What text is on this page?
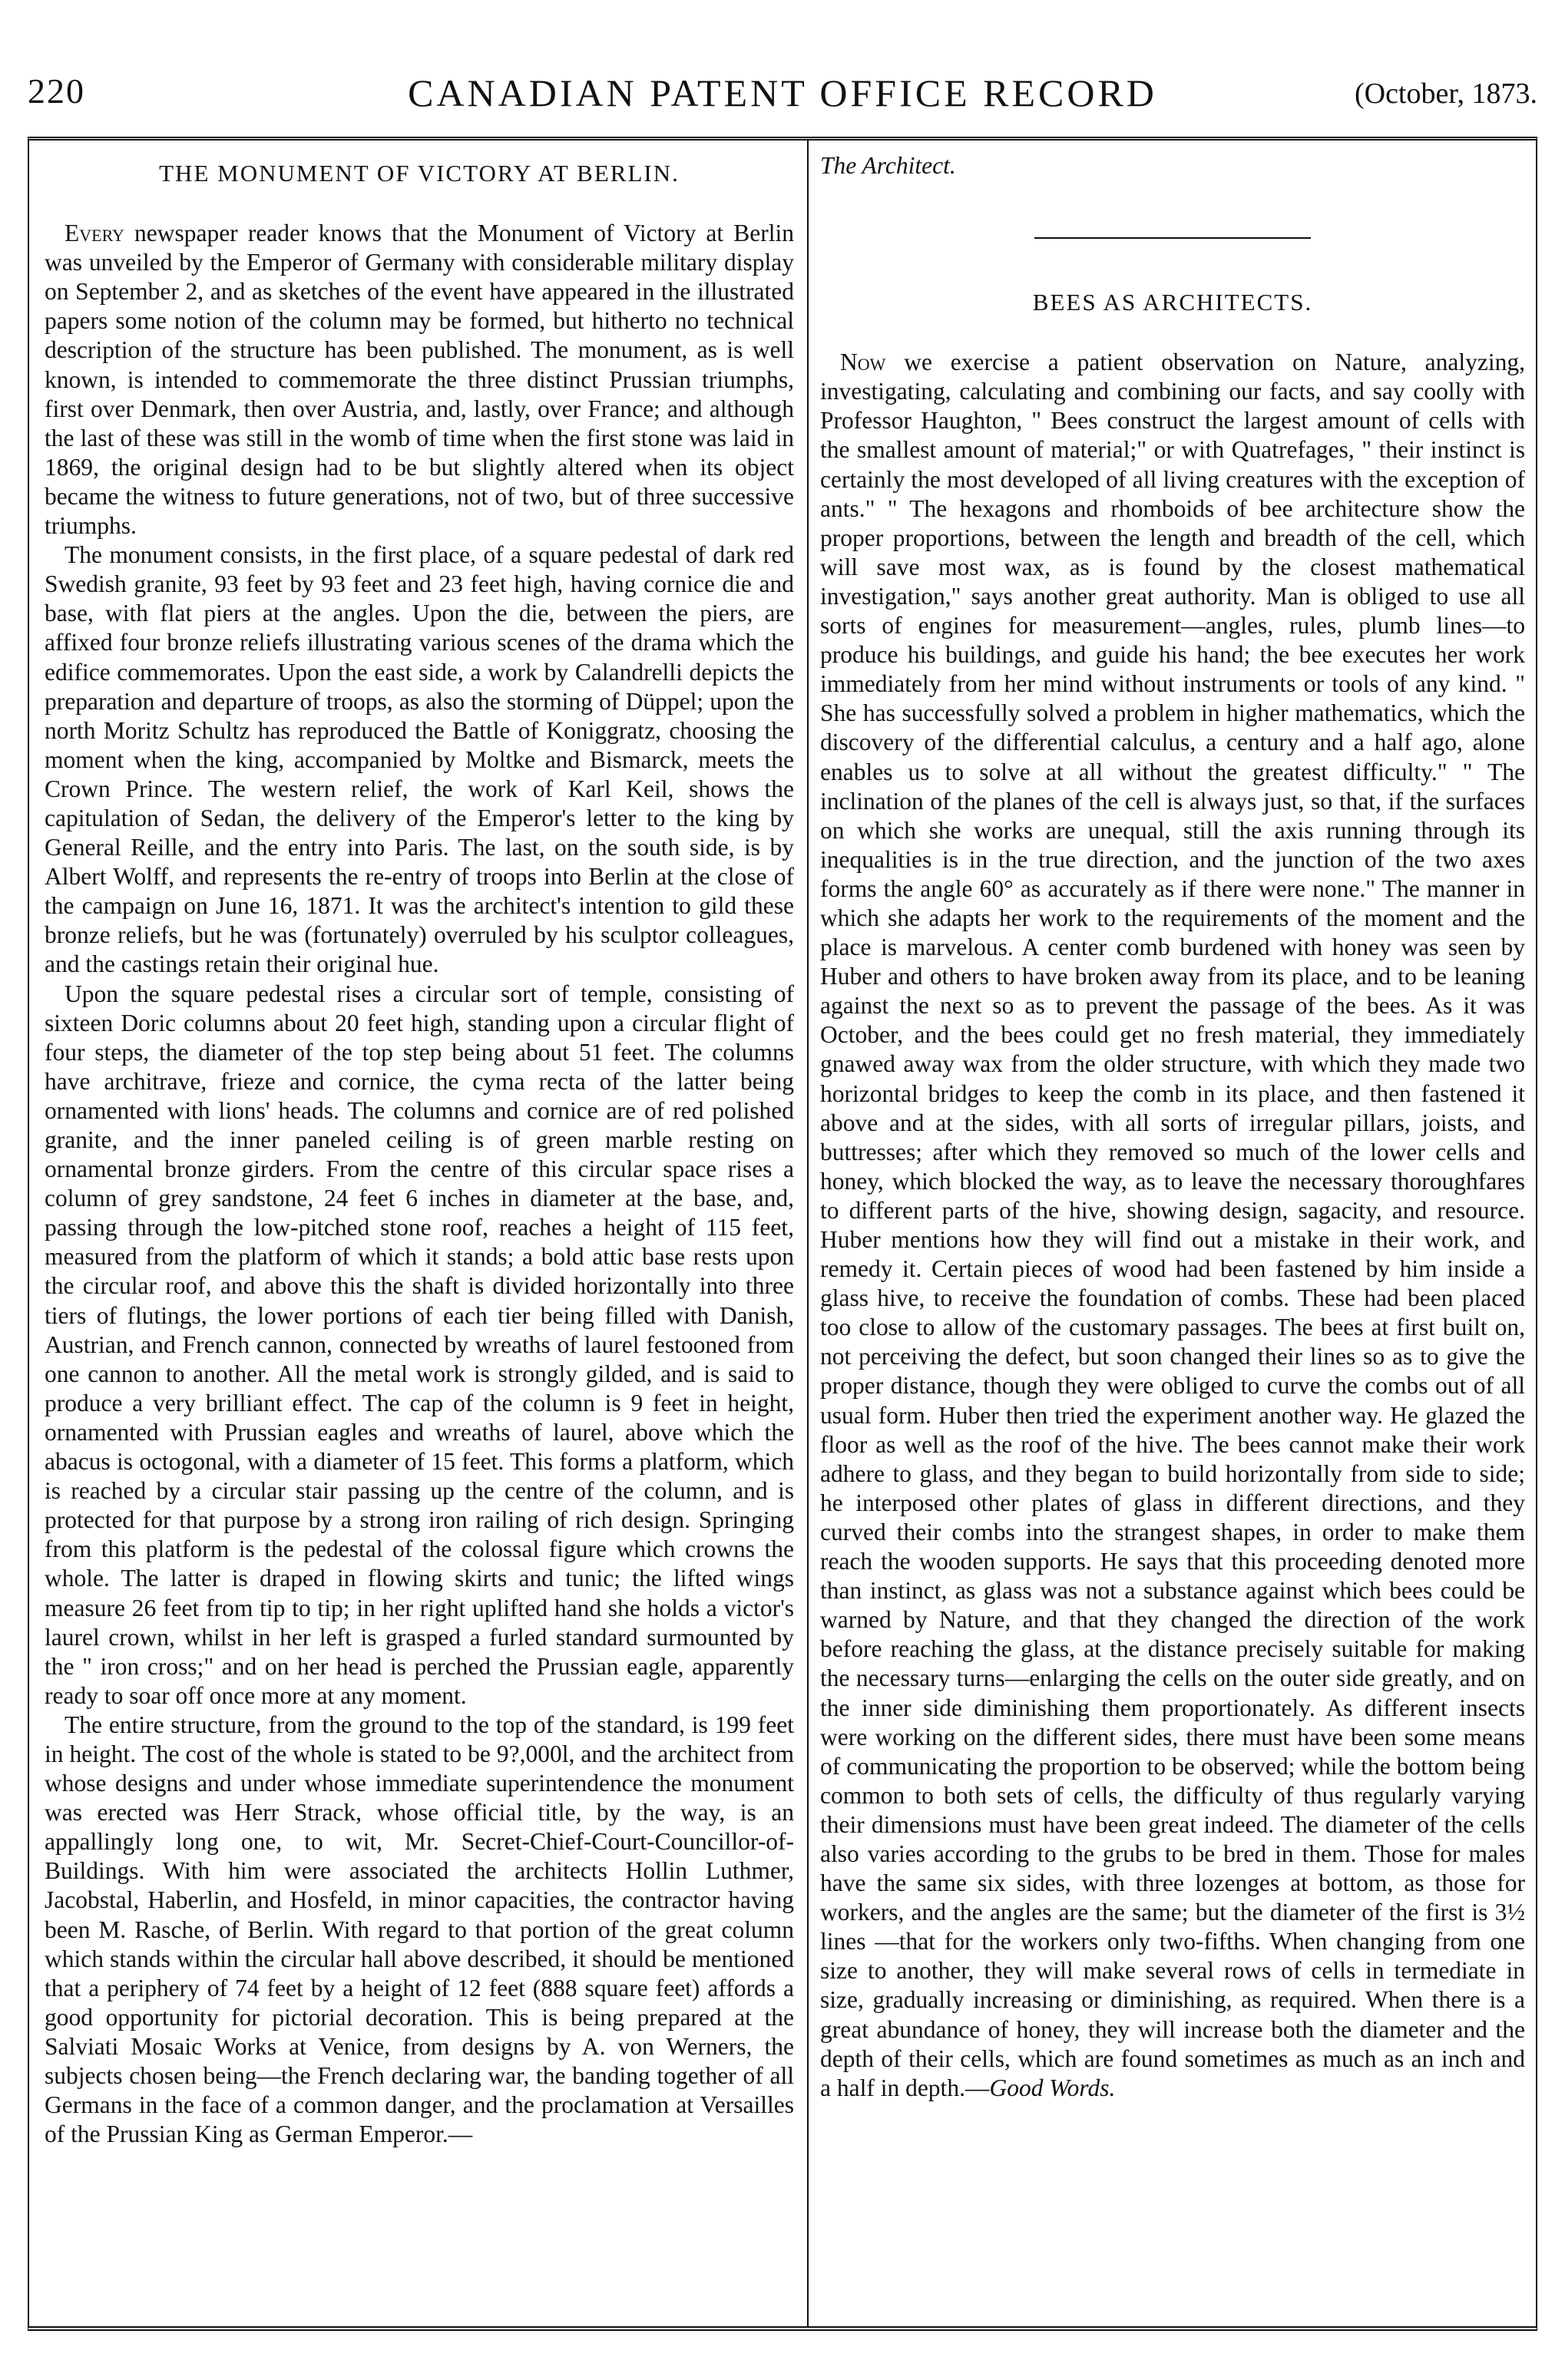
220	CANADIAN PATENT OFFICE RECORD	(October, 1873.
THE MONUMENT OF VICTORY AT BERLIN.

Every newspaper reader knows that the Monument of Victory at Berlin was unveiled by the Emperor of Germany with considerable military display on September 2, and as sketches of the event have appeared in the illustrated papers some notion of the column may be formed, but hitherto no technical description of the structure has been published. The monument, as is well known, is intended to commemorate the three distinct Prussian triumphs, first over Denmark, then over Austria, and, lastly, over France; and although the last of these was still in the womb of time when the first stone was laid in 1869, the original design had to be but slightly altered when its object became the witness to future generations, not of two, but of three successive triumphs.

The monument consists, in the first place, of a square pedestal of dark red Swedish granite, 93 feet by 93 feet and 23 feet high, having cornice die and base, with flat piers at the angles. Upon the die, between the piers, are affixed four bronze reliefs illustrating various scenes of the drama which the edifice commemorates. Upon the east side, a work by Calandrelli depicts the preparation and departure of troops, as also the storming of Düppel; upon the north Moritz Schultz has reproduced the Battle of Koniggratz, choosing the moment when the king, accompanied by Moltke and Bismarck, meets the Crown Prince. The western relief, the work of Karl Keil, shows the capitulation of Sedan, the delivery of the Emperor's letter to the king by General Reille, and the entry into Paris. The last, on the south side, is by Albert Wolff, and represents the re-entry of troops into Berlin at the close of the campaign on June 16, 1871. It was the architect's intention to gild these bronze reliefs, but he was (fortunately) overruled by his sculptor colleagues, and the castings retain their original hue.

Upon the square pedestal rises a circular sort of temple, consisting of sixteen Doric columns about 20 feet high, standing upon a circular flight of four steps, the diameter of the top step being about 51 feet. The columns have architrave, frieze and cornice, the cyma recta of the latter being ornamented with lions' heads. The columns and cornice are of red polished granite, and the inner paneled ceiling is of green marble resting on ornamental bronze girders. From the centre of this circular space rises a column of grey sandstone, 24 feet 6 inches in diameter at the base, and, passing through the low-pitched stone roof, reaches a height of 115 feet, measured from the platform of which it stands; a bold attic base rests upon the circular roof, and above this the shaft is divided horizontally into three tiers of flutings, the lower portions of each tier being filled with Danish, Austrian, and French cannon, connected by wreaths of laurel festooned from one cannon to another. All the metal work is strongly gilded, and is said to produce a very brilliant effect. The cap of the column is 9 feet in height, ornamented with Prussian eagles and wreaths of laurel, above which the abacus is octogonal, with a diameter of 15 feet. This forms a platform, which is reached by a circular stair passing up the centre of the column, and is protected for that purpose by a strong iron railing of rich design. Springing from this platform is the pedestal of the colossal figure which crowns the whole. The latter is draped in flowing skirts and tunic; the lifted wings measure 26 feet from tip to tip; in her right uplifted hand she holds a victor's laurel crown, whilst in her left is grasped a furled standard surmounted by the " iron cross;" and on her head is perched the Prussian eagle, apparently ready to soar off once more at any moment.

The entire structure, from the ground to the top of the standard, is 199 feet in height. The cost of the whole is stated to be 9?,000l, and the architect from whose designs and under whose immediate superintendence the monument was erected was Herr Strack, whose official title, by the way, is an appallingly long one, to wit, Mr. Secret-Chief-Court-Councillor-of-Buildings. With him were associated the architects Hollin Luthmer, Jacobstal, Haberlin, and Hosfeld, in minor capacities, the contractor having been M. Rasche, of Berlin. With regard to that portion of the great column which stands within the circular hall above described, it should be mentioned that a periphery of 74 feet by a height of 12 feet (888 square feet) affords a good opportunity for pictorial decoration. This is being prepared at the Salviati Mosaic Works at Venice, from designs by A. von Werners, the subjects chosen being—the French declaring war, the banding together of all Germans in the face of a common danger, and the proclamation at Versailles of the Prussian King as German Emperor.—

The Architect.

BEES AS ARCHITECTS.

Now we exercise a patient observation on Nature, analyzing, investigating, calculating and combining our facts, and say coolly with Professor Haughton, " Bees construct the largest amount of cells with the smallest amount of material;" or with Quatrefages, " their instinct is certainly the most developed of all living creatures with the exception of ants." " The hexagons and rhomboids of bee architecture show the proper proportions, between the length and breadth of the cell, which will save most wax, as is found by the closest mathematical investigation," says another great authority. Man is obliged to use all sorts of engines for measurement—angles, rules, plumb lines—to produce his buildings, and guide his hand; the bee executes her work immediately from her mind without instruments or tools of any kind. " She has successfully solved a problem in higher mathematics, which the discovery of the differential calculus, a century and a half ago, alone enables us to solve at all without the greatest difficulty." " The inclination of the planes of the cell is always just, so that, if the surfaces on which she works are unequal, still the axis running through its inequalities is in the true direction, and the junction of the two axes forms the angle 60° as accurately as if there were none." The manner in which she adapts her work to the requirements of the moment and the place is marvelous. A center comb burdened with honey was seen by Huber and others to have broken away from its place, and to be leaning against the next so as to prevent the passage of the bees. As it was October, and the bees could get no fresh material, they immediately gnawed away wax from the older structure, with which they made two horizontal bridges to keep the comb in its place, and then fastened it above and at the sides, with all sorts of irregular pillars, joists, and buttresses; after which they removed so much of the lower cells and honey, which blocked the way, as to leave the necessary thoroughfares to different parts of the hive, showing design, sagacity, and resource. Huber mentions how they will find out a mistake in their work, and remedy it. Certain pieces of wood had been fastened by him inside a glass hive, to receive the foundation of combs. These had been placed too close to allow of the customary passages. The bees at first built on, not perceiving the defect, but soon changed their lines so as to give the proper distance, though they were obliged to curve the combs out of all usual form. Huber then tried the experiment another way. He glazed the floor as well as the roof of the hive. The bees cannot make their work adhere to glass, and they began to build horizontally from side to side; he interposed other plates of glass in different directions, and they curved their combs into the strangest shapes, in order to make them reach the wooden supports. He says that this proceeding denoted more than instinct, as glass was not a substance against which bees could be warned by Nature, and that they changed the direction of the work before reaching the glass, at the distance precisely suitable for making the necessary turns—enlarging the cells on the outer side greatly, and on the inner side diminishing them proportionately. As different insects were working on the different sides, there must have been some means of communicating the proportion to be observed; while the bottom being common to both sets of cells, the difficulty of thus regularly varying their dimensions must have been great indeed. The diameter of the cells also varies according to the grubs to be bred in them. Those for males have the same six sides, with three lozenges at bottom, as those for workers, and the angles are the same; but the diameter of the first is 3½ lines —that for the workers only two-fifths. When changing from one size to another, they will make several rows of cells in termediate in size, gradually increasing or diminishing, as required. When there is a great abundance of honey, they will increase both the diameter and the depth of their cells, which are found sometimes as much as an inch and a half in depth.—Good Words.
